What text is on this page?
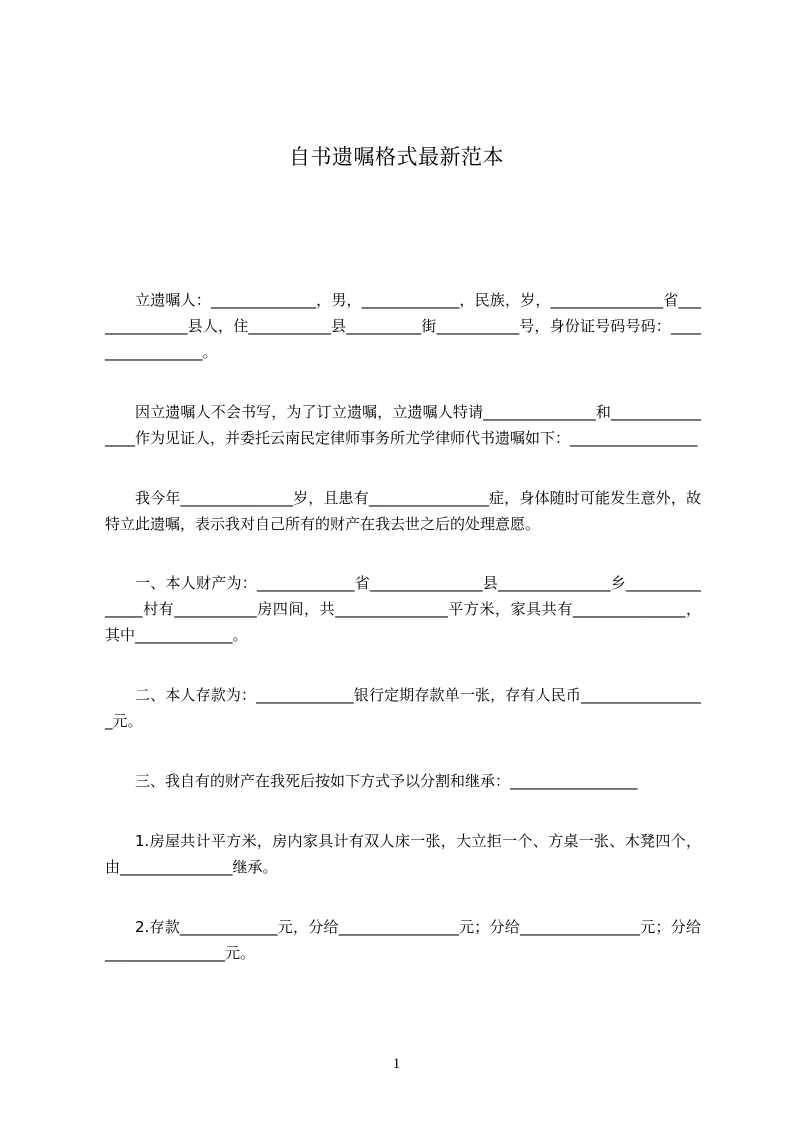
自书遗嘱格式最新范本

立遗嘱人：______________，男，_____________，民族，岁，_______________省______________县人，住___________县__________街___________号，身份证号码号码：_________________。

因立遗嘱人不会书写，为了订立遗嘱，立遗嘱人特请_______________和________________作为见证人，并委托云南民定律师事务所尤学律师代书遗嘱如下：_________________

我今年_______________岁，且患有________________症，身体随时可能发生意外，故特立此遗嘱，表示我对自己所有的财产在我去世之后的处理意愿。

一、本人财产为：_____________省_______________县_______________乡_______________村有___________房四间，共_______________平方米，家具共有_______________，其中_____________。

二、本人存款为：_____________银行定期存款单一张，存有人民币_________________元。

三、我自有的财产在我死后按如下方式予以分割和继承：_________________

1.房屋共计平方米，房内家具计有双人床一张，大立拒一个、方桌一张、木凳四个，由_______________继承。

2.存款_____________元，分给________________元；分给________________元；分给________________元。

1
